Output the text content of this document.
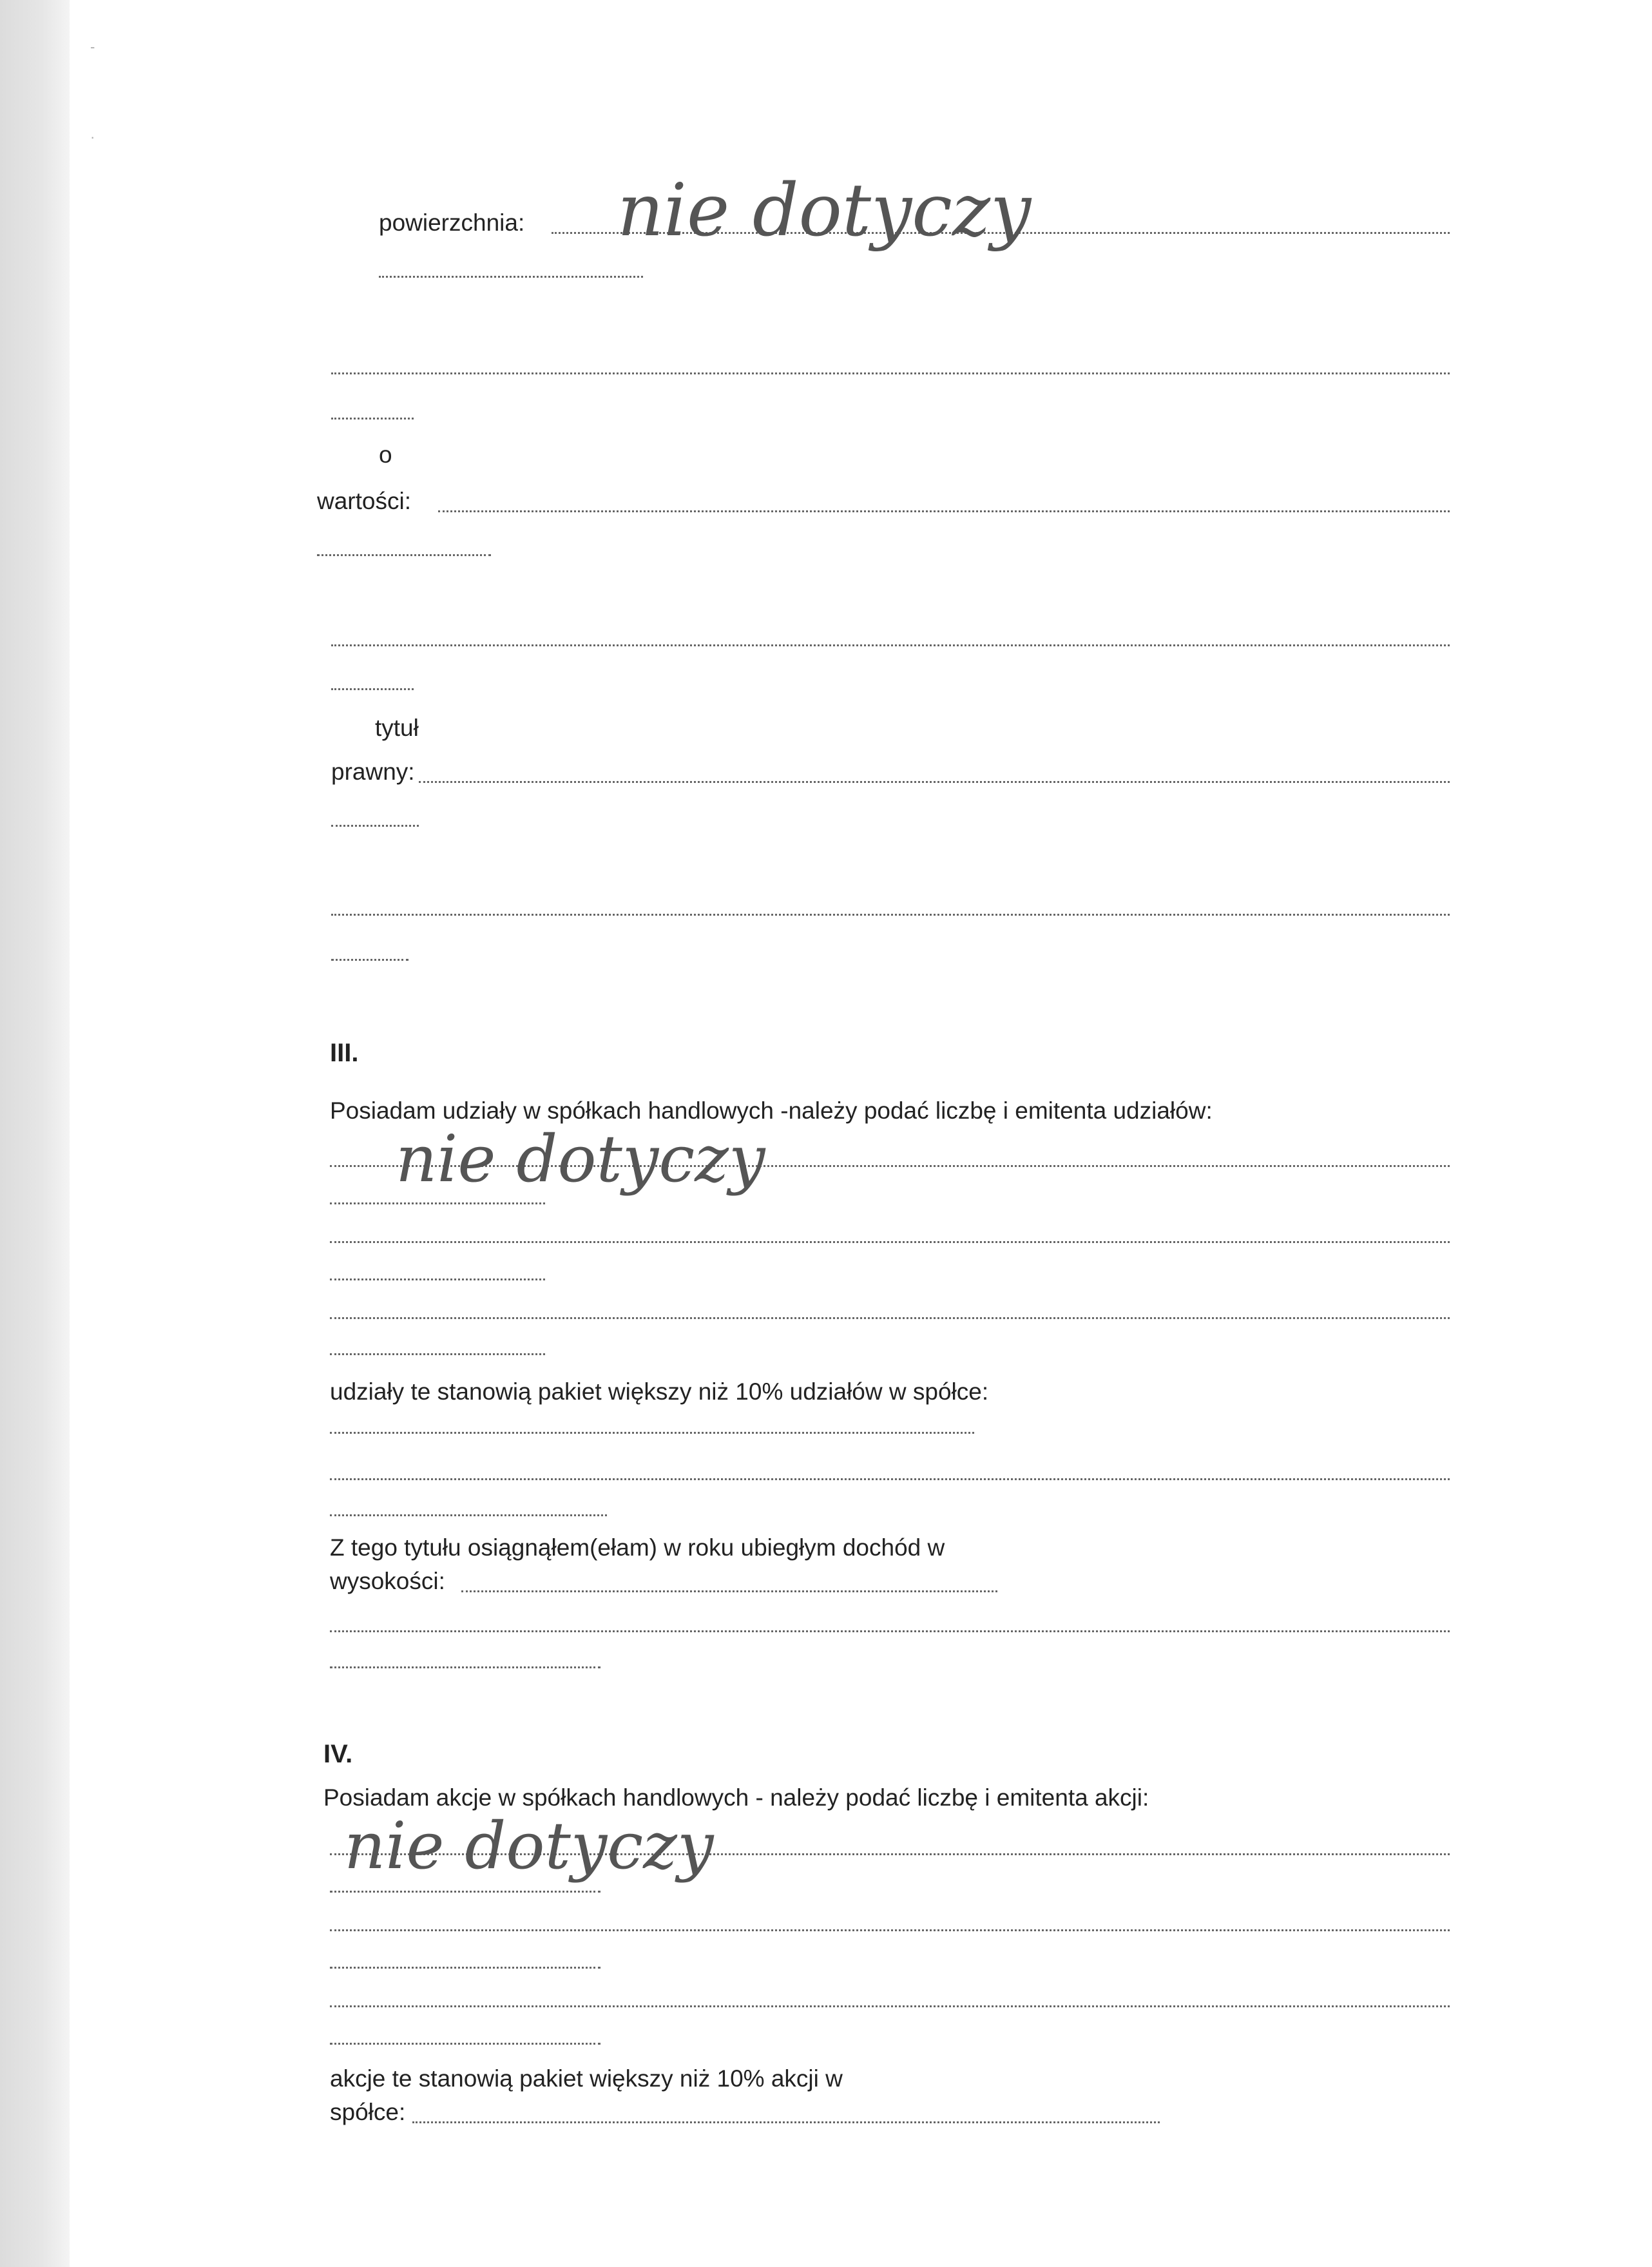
-
·
powierzchnia: nie dotyczy
o
wartości:
tytuł
prawny:
III.
Posiadam udziały w spółkach handlowych -należy podać liczbę i emitenta udziałów:
nie dotyczy
udziały te stanowią pakiet większy niż 10% udziałów w spółce:
Z tego tytułu osiągnąłem(ełam) w roku ubiegłym dochód w
wysokości:
IV.
Posiadam akcje w spółkach handlowych - należy podać liczbę i emitenta akcji:
nie dotyczy
akcje te stanowią pakiet większy niż 10% akcji w
spółce:
